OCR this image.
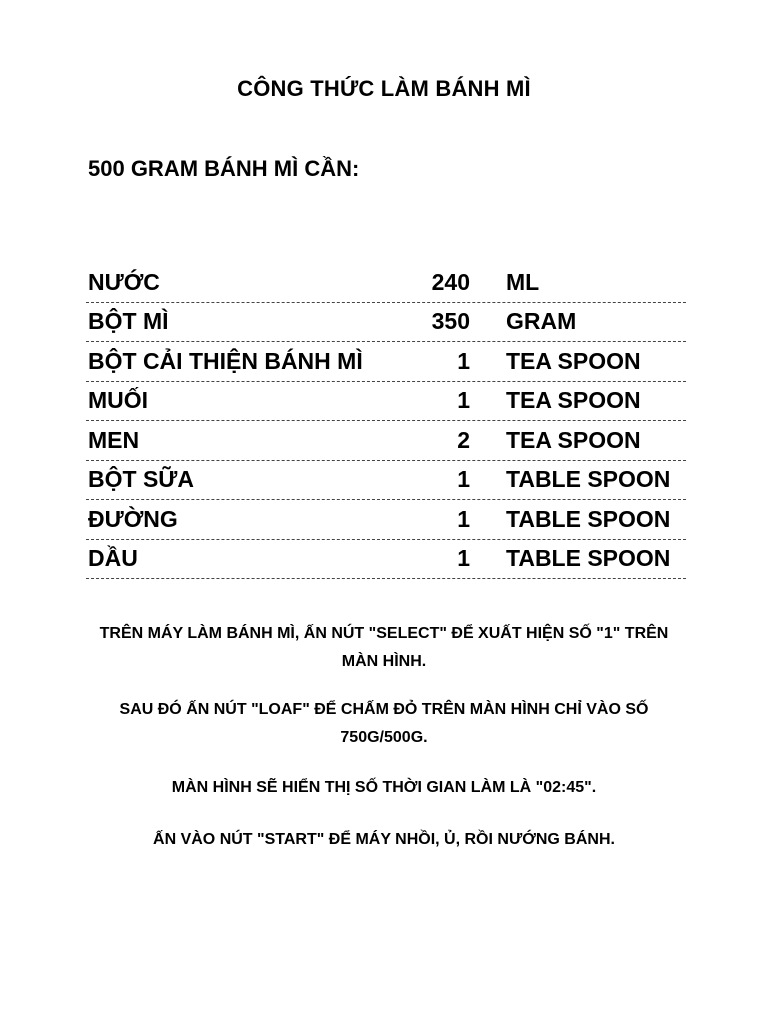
CÔNG THỨC LÀM BÁNH MÌ
500 GRAM BÁNH MÌ CẦN:
NƯỚC	240 ML
BỘT MÌ	350 GRAM
BỘT CẢI THIỆN BÁNH MÌ	1 TEA SPOON
MUỐI	1 TEA SPOON
MEN	2 TEA SPOON
BỘT SỮA	1 TABLE SPOON
ĐƯỜNG	1 TABLE SPOON
DẦU	1 TABLE SPOON
TRÊN MÁY LÀM BÁNH MÌ, ẤN NÚT "SELECT" ĐỂ XUẤT HIỆN SỐ "1" TRÊN MÀN HÌNH.
SAU ĐÓ ẤN NÚT "LOAF" ĐỂ CHẤM ĐỎ TRÊN MÀN HÌNH CHỈ VÀO SỐ 750G/500G.
MÀN HÌNH SẼ HIỂN THỊ SỐ THỜI GIAN LÀM LÀ "02:45".
ẤN VÀO NÚT "START" ĐỂ MÁY NHỒI, Ủ, RỒI NƯỚNG BÁNH.
